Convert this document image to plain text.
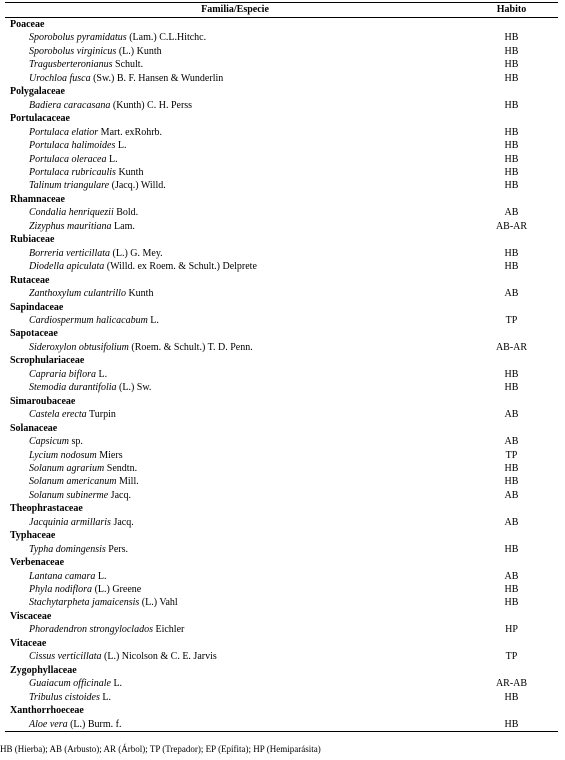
Familia/Especie	Habito
Poaceae	
Sporobolus pyramidatus (Lam.) C.L.Hitchc.	HB
Sporobolus virginicus (L.) Kunth	HB
Tragusberteronianus Schult.	HB
Urochloa fusca (Sw.) B. F. Hansen & Wunderlin	HB
Polygalaceae	
Badiera caracasana (Kunth) C. H. Perss	HB
Portulacaceae	
Portulaca elatior Mart. exRohrb.	HB
Portulaca halimoides L.	HB
Portulaca oleracea L.	HB
Portulaca rubricaulis Kunth	HB
Talinum triangulare (Jacq.) Willd.	HB
Rhamnaceae	
Condalia henriquezii Bold.	AB
Zizyphus mauritiana Lam.	AB-AR
Rubiaceae	
Borreria verticillata (L.) G. Mey.	HB
Diodella apiculata (Willd. ex Roem. & Schult.) Delprete	HB
Rutaceae	
Zanthoxylum culantrillo Kunth	AB
Sapindaceae	
Cardiospermum halicacabum L.	TP
Sapotaceae	
Sideroxylon obtusifolium (Roem. & Schult.) T. D. Penn.	AB-AR
Scrophulariaceae	
Capraria biflora L.	HB
Stemodia durantifolia (L.) Sw.	HB
Simaroubaceae	
Castela erecta Turpin	AB
Solanaceae	
Capsicum sp.	AB
Lycium nodosum Miers	TP
Solanum agrarium Sendtn.	HB
Solanum americanum Mill.	HB
Solanum subinerme Jacq.	AB
Theophrastaceae	
Jacquinia armillaris Jacq.	AB
Typhaceae	
Typha domingensis Pers.	HB
Verbenaceae	
Lantana camara L.	AB
Phyla nodiflora (L.) Greene	HB
Stachytarpheta jamaicensis (L.) Vahl	HB
Viscaceae	
Phoradendron strongyloclados Eichler	HP
Vitaceae	
Cissus verticillata (L.) Nicolson & C. E. Jarvis	TP
Zygophyllaceae	
Guaiacum officinale L.	AR-AB
Tribulus cistoides L.	HB
Xanthorrhoeceae	
Aloe vera (L.) Burm. f.	HB
HB (Hierba); AB (Arbusto); AR (Árbol); TP (Trepador); EP (Epífita); HP (Hemiparásita)
